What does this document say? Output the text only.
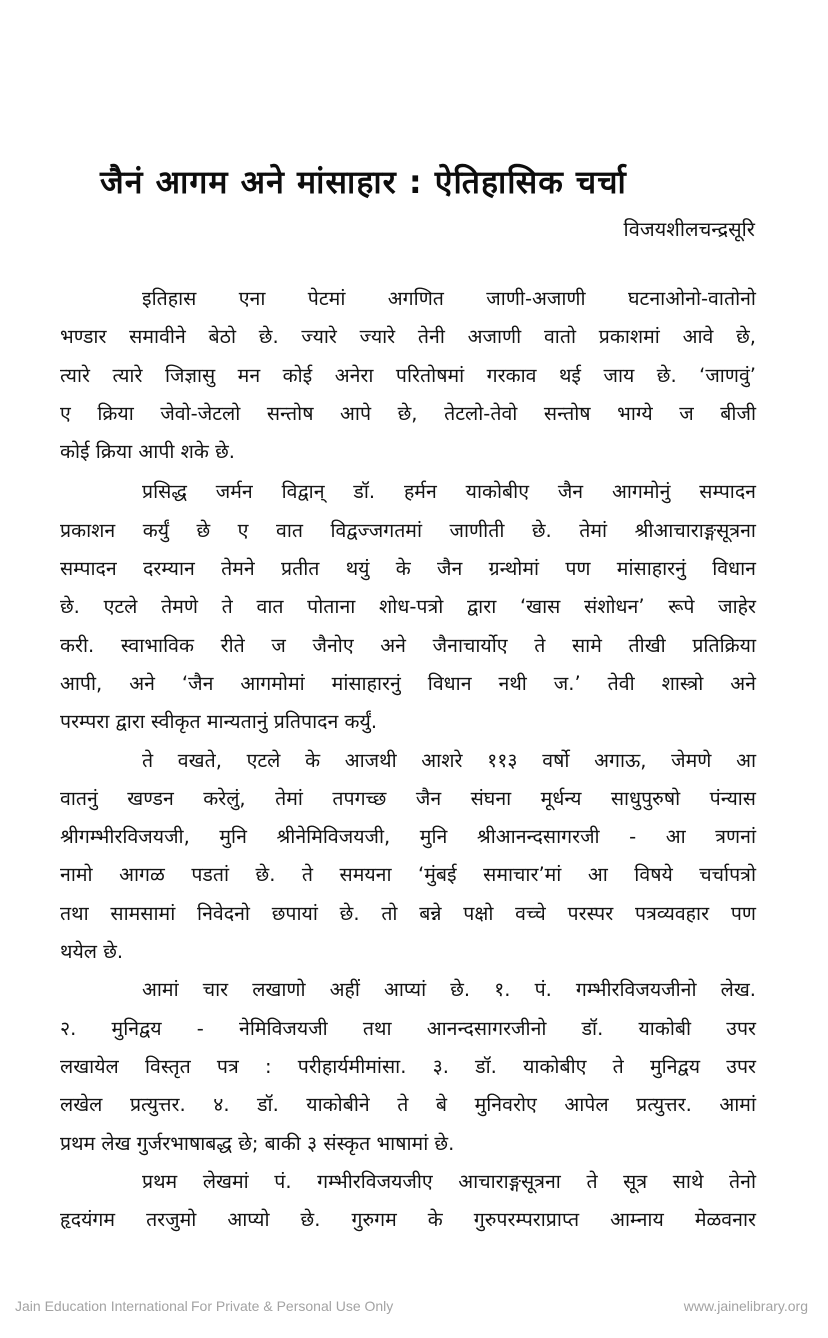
जैनं आगम अने मांसाहार : ऐतिहासिक चर्चा
विजयशीलचन्द्रसूरि
इतिहास एना पेटमां अगणित जाणी-अजाणी घटनाओनो-वातोनो
भण्डार समावीने बेठो छे. ज्यारे ज्यारे तेनी अजाणी वातो प्रकाशमां आवे छे,
त्यारे त्यारे जिज्ञासु मन कोई अनेरा परितोषमां गरकाव थई जाय छे. ‘जाणवुं’
ए क्रिया जेवो-जेटलो सन्तोष आपे छे, तेटलो-तेवो सन्तोष भाग्ये ज बीजी
कोई क्रिया आपी शके छे.
प्रसिद्ध जर्मन विद्वान् डॉ. हर्मन याकोबीए जैन आगमोनुं सम्पादन
प्रकाशन कर्युं छे ए वात विद्वज्जगतमां जाणीती छे. तेमां श्रीआचाराङ्गसूत्रना
सम्पादन दरम्यान तेमने प्रतीत थयुं के जैन ग्रन्थोमां पण मांसाहारनुं विधान
छे. एटले तेमणे ते वात पोताना शोध-पत्रो द्वारा ‘खास संशोधन’ रूपे जाहेर
करी. स्वाभाविक रीते ज जैनोए अने जैनाचार्योए ते सामे तीखी प्रतिक्रिया
आपी, अने ‘जैन आगमोमां मांसाहारनुं विधान नथी ज.’ तेवी शास्त्रो अने
परम्परा द्वारा स्वीकृत मान्यतानुं प्रतिपादन कर्युं.
ते वखते, एटले के आजथी आशरे ११३ वर्षो अगाऊ, जेमणे आ
वातनुं खण्डन करेलुं, तेमां तपगच्छ जैन संघना मूर्धन्य साधुपुरुषो पंन्यास
श्रीगम्भीरविजयजी, मुनि श्रीनेमिविजयजी, मुनि श्रीआनन्दसागरजी - आ त्रणनां
नामो आगळ पडतां छे. ते समयना ‘मुंबई समाचार’मां आ विषये चर्चापत्रो
तथा सामसामां निवेदनो छपायां छे. तो बन्ने पक्षो वच्चे परस्पर पत्रव्यवहार पण
थयेल छे.
आमां चार लखाणो अहीं आप्यां छे. १. पं. गम्भीरविजयजीनो लेख.
२. मुनिद्वय - नेमिविजयजी तथा आनन्दसागरजीनो डॉ. याकोबी उपर
लखायेल विस्तृत पत्र : परीहार्यमीमांसा. ३. डॉ. याकोबीए ते मुनिद्वय उपर
लखेल प्रत्युत्तर. ४. डॉ. याकोबीने ते बे मुनिवरोए आपेल प्रत्युत्तर. आमां
प्रथम लेख गुर्जरभाषाबद्ध छे; बाकी ३ संस्कृत भाषामां छे.
प्रथम लेखमां पं. गम्भीरविजयजीए आचाराङ्गसूत्रना ते सूत्र साथे तेनो
हृदयंगम तरजुमो आप्यो छे. गुरुगम के गुरुपरम्पराप्राप्त आम्नाय मेळवनार
Jain Education International For Private & Personal Use Only	www.jainelibrary.org
